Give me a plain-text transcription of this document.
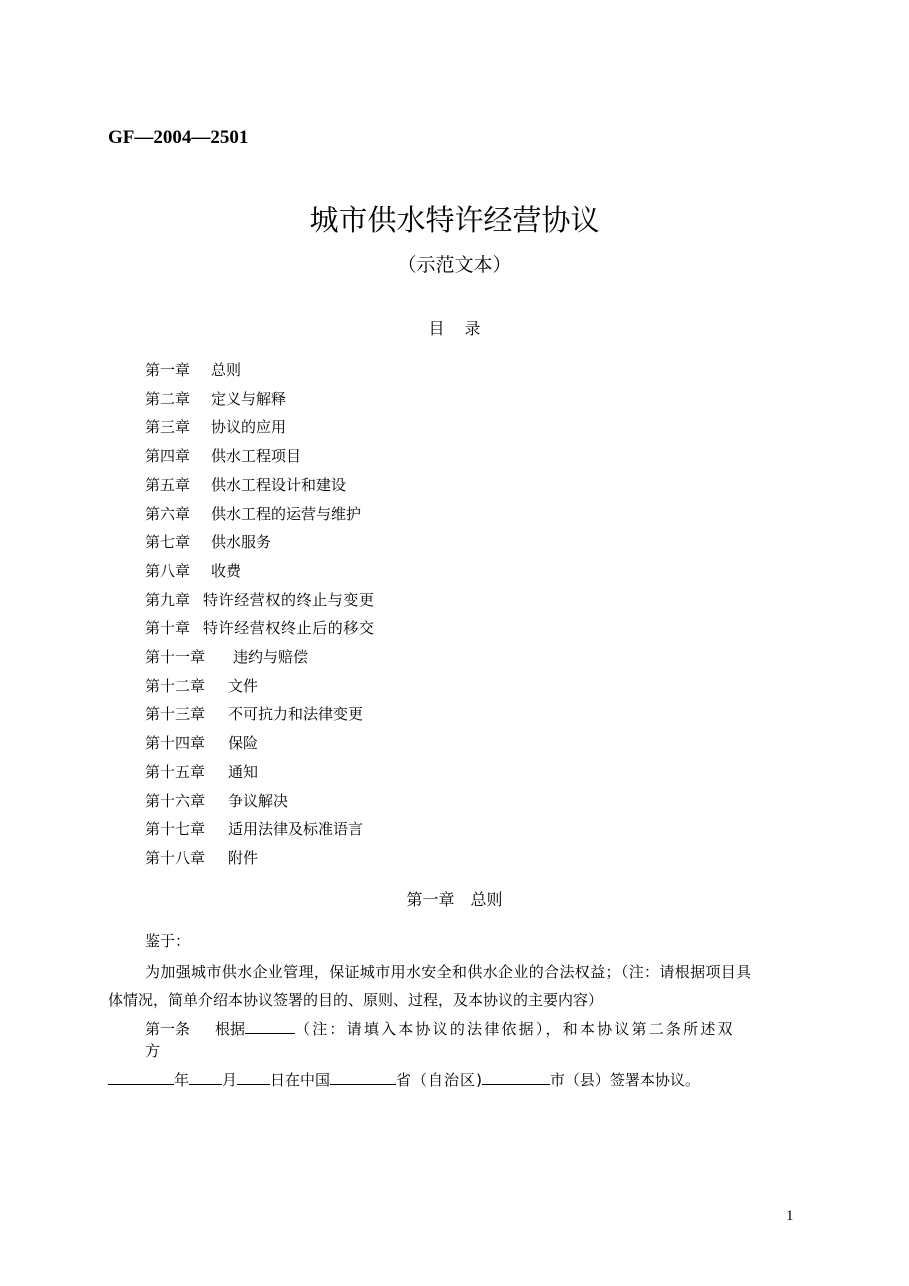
GF—2004—2501
城市供水特许经营协议
（示范文本）
目录
第一章 总则
第二章 定义与解释
第三章 协议的应用
第四章 供水工程项目
第五章 供水工程设计和建设
第六章 供水工程的运营与维护
第七章 供水服务
第八章 收费
第九章 特许经营权的终止与变更
第十章 特许经营权终止后的移交
第十一章 违约与赔偿
第十二章 文件
第十三章 不可抗力和法律变更
第十四章 保险
第十五章 通知
第十六章 争议解决
第十七章 适用法律及标准语言
第十八章 附件
第一章　总则
鉴于：
为加强城市供水企业管理，保证城市用水安全和供水企业的合法权益；（注：请根据项目具
体情况，简单介绍本协议签署的目的、原则、过程，及本协议的主要内容）
第一条 根据	（注：请填入本协议的法律依据），和本协议第二条所述双
方
年 月 日在中国	省（自治区)	市（县）签署本协议。
1
